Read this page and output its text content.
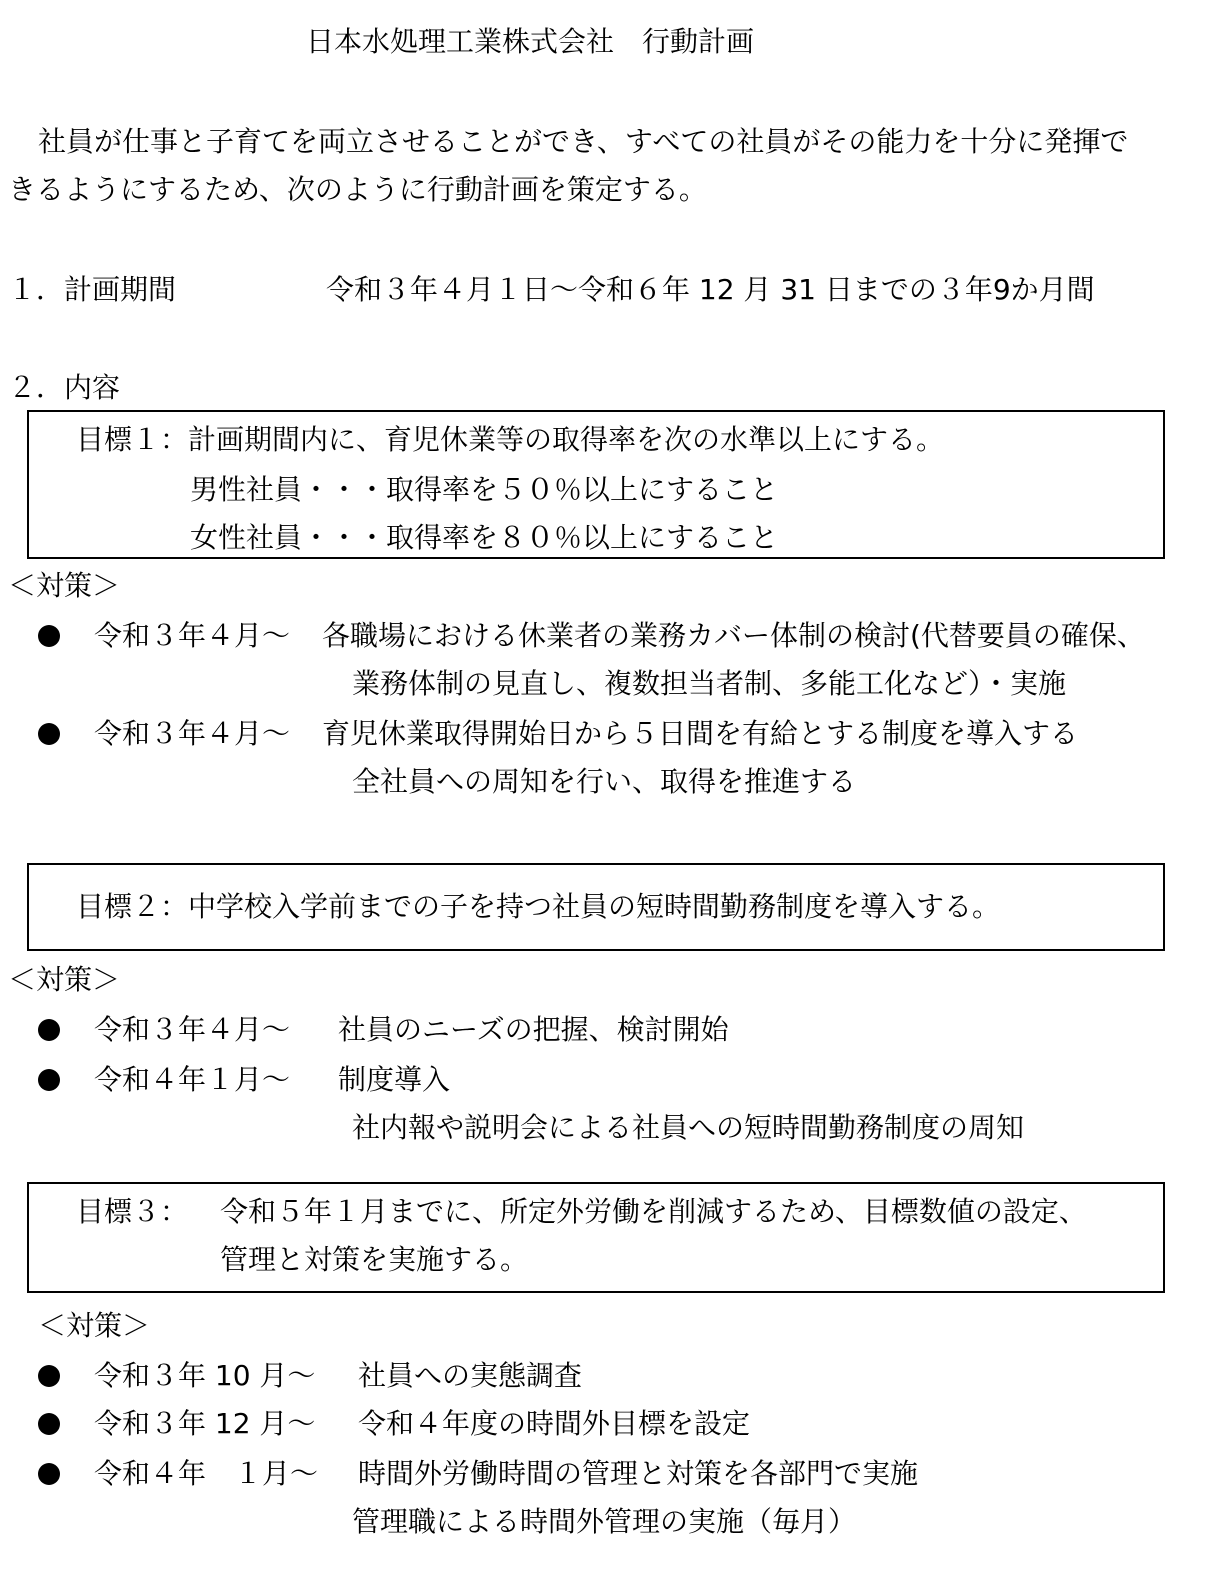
日本水処理工業株式会社　行動計画
社員が仕事と子育てを両立させることができ、すべての社員がその能力を十分に発揮で
きるようにするため、次のように行動計画を策定する。
１．計画期間	令和３年４月１日～令和６年 12 月 31 日までの３年9か月間
２．内容
目標１：計画期間内に、育児休業等の取得率を次の水準以上にする。
男性社員・・・取得率を５０％以上にすること
女性社員・・・取得率を８０％以上にすること
＜対策＞
令和３年４月～ 各職場における休業者の業務カバー体制の検討(代替要員の確保、
業務体制の見直し、複数担当者制、多能工化など）・実施
令和３年４月～ 育児休業取得開始日から５日間を有給とする制度を導入する
全社員への周知を行い、取得を推進する
目標２：中学校入学前までの子を持つ社員の短時間勤務制度を導入する。
＜対策＞
令和３年４月～ 社員のニーズの把握、検討開始
令和４年１月～ 制度導入
社内報や説明会による社員への短時間勤務制度の周知
目標３： 令和５年１月までに、所定外労働を削減するため、目標数値の設定、
管理と対策を実施する。
＜対策＞
令和３年 10 月～ 社員への実態調査
令和３年 12 月～ 令和４年度の時間外目標を設定
令和４年　１月～ 時間外労働時間の管理と対策を各部門で実施
管理職による時間外管理の実施（毎月）
